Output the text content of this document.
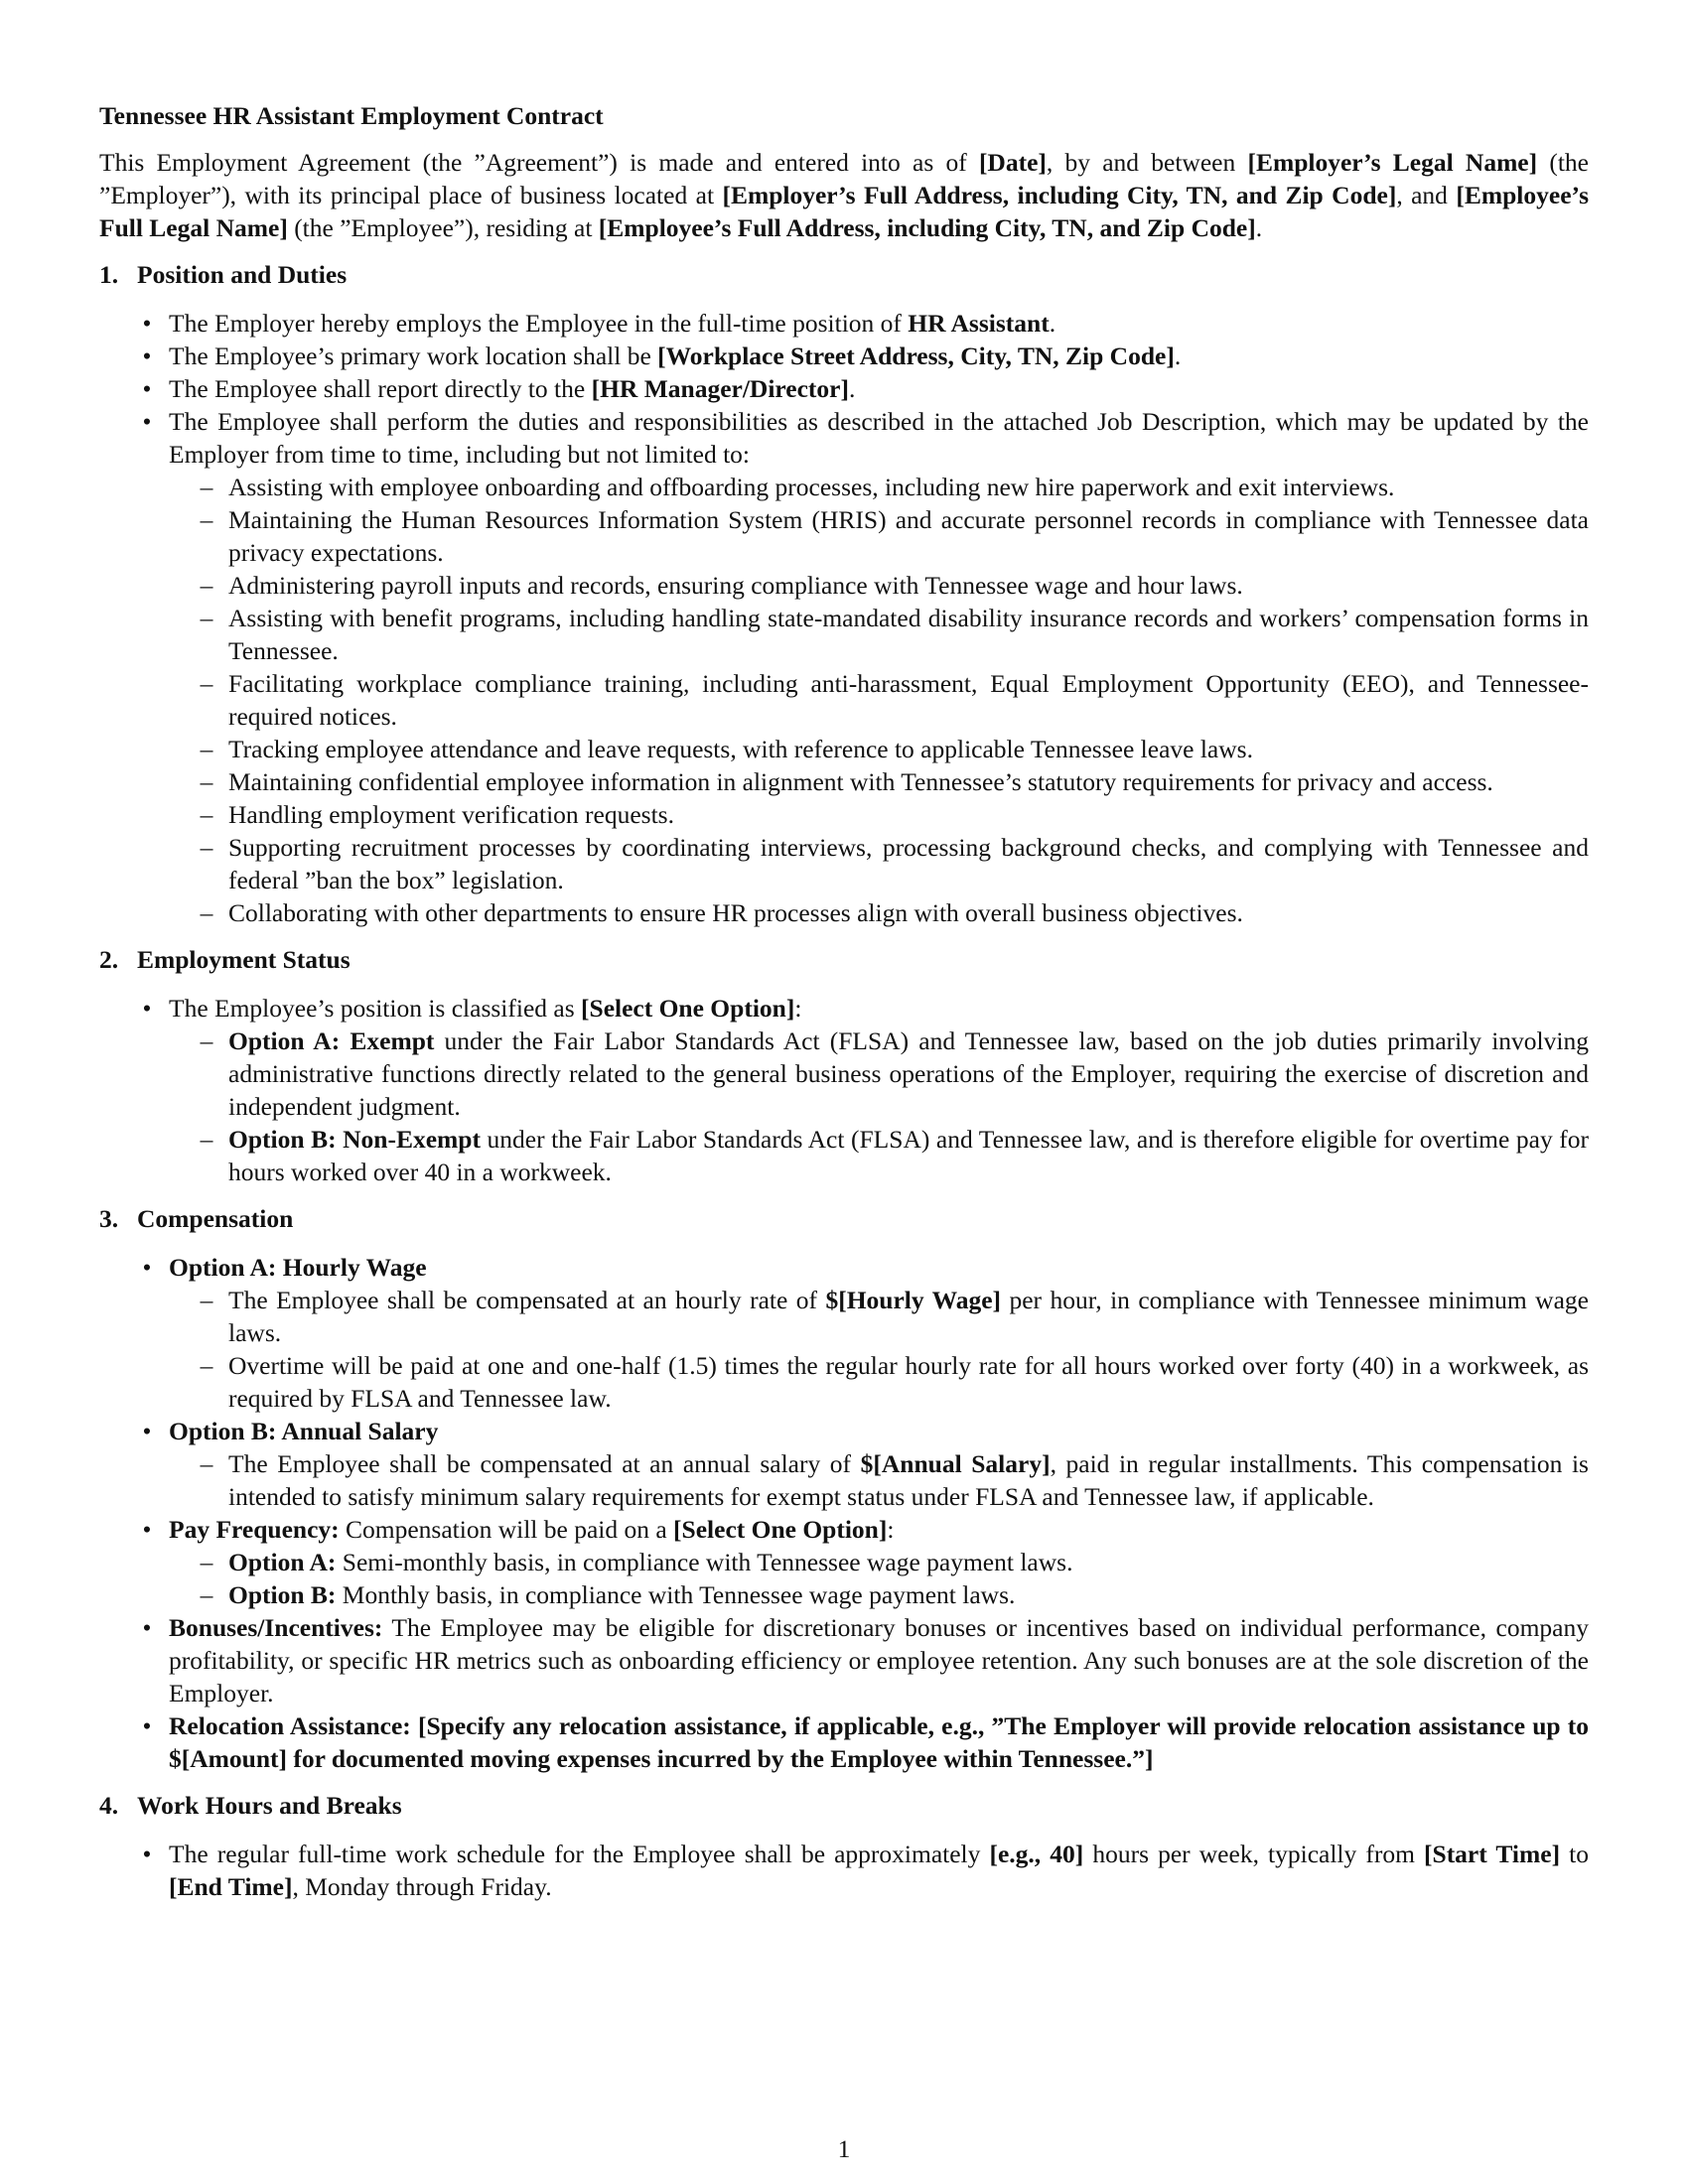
Tennessee HR Assistant Employment Contract

This Employment Agreement (the ”Agreement”) is made and entered into as of [Date], by and between [Employer’s Legal Name] (the ”Employer”), with its principal place of business located at [Employer’s Full Address, including City, TN, and Zip Code], and [Employee’s Full Legal Name] (the ”Employee”), residing at [Employee’s Full Address, including City, TN, and Zip Code].

1. Position and Duties
• The Employer hereby employs the Employee in the full-time position of HR Assistant.
• The Employee’s primary work location shall be [Workplace Street Address, City, TN, Zip Code].
• The Employee shall report directly to the [HR Manager/Director].
• The Employee shall perform the duties and responsibilities as described in the attached Job Description, which may be updated by the Employer from time to time, including but not limited to:
– Assisting with employee onboarding and offboarding processes, including new hire paperwork and exit interviews.
– Maintaining the Human Resources Information System (HRIS) and accurate personnel records in compliance with Tennessee data privacy expectations.
– Administering payroll inputs and records, ensuring compliance with Tennessee wage and hour laws.
– Assisting with benefit programs, including handling state-mandated disability insurance records and workers’ compensation forms in Tennessee.
– Facilitating workplace compliance training, including anti-harassment, Equal Employment Opportunity (EEO), and Tennessee-required notices.
– Tracking employee attendance and leave requests, with reference to applicable Tennessee leave laws.
– Maintaining confidential employee information in alignment with Tennessee’s statutory requirements for privacy and access.
– Handling employment verification requests.
– Supporting recruitment processes by coordinating interviews, processing background checks, and complying with Tennessee and federal ”ban the box” legislation.
– Collaborating with other departments to ensure HR processes align with overall business objectives.
2. Employment Status
• The Employee’s position is classified as [Select One Option]:
– Option A: Exempt under the Fair Labor Standards Act (FLSA) and Tennessee law, based on the job duties primarily involving administrative functions directly related to the general business operations of the Employer, requiring the exercise of discretion and independent judgment.
– Option B: Non-Exempt under the Fair Labor Standards Act (FLSA) and Tennessee law, and is therefore eligible for overtime pay for hours worked over 40 in a workweek.
3. Compensation
• Option A: Hourly Wage
– The Employee shall be compensated at an hourly rate of $[Hourly Wage] per hour, in compliance with Tennessee minimum wage laws.
– Overtime will be paid at one and one-half (1.5) times the regular hourly rate for all hours worked over forty (40) in a workweek, as required by FLSA and Tennessee law.
• Option B: Annual Salary
– The Employee shall be compensated at an annual salary of $[Annual Salary], paid in regular installments. This compensation is intended to satisfy minimum salary requirements for exempt status under FLSA and Tennessee law, if applicable.
• Pay Frequency: Compensation will be paid on a [Select One Option]:
– Option A: Semi-monthly basis, in compliance with Tennessee wage payment laws.
– Option B: Monthly basis, in compliance with Tennessee wage payment laws.
• Bonuses/Incentives: The Employee may be eligible for discretionary bonuses or incentives based on individual performance, company profitability, or specific HR metrics such as onboarding efficiency or employee retention. Any such bonuses are at the sole discretion of the Employer.
• Relocation Assistance: [Specify any relocation assistance, if applicable, e.g., ”The Employer will provide relocation assistance up to $[Amount] for documented moving expenses incurred by the Employee within Tennessee.”]
4. Work Hours and Breaks
• The regular full-time work schedule for the Employee shall be approximately [e.g., 40] hours per week, typically from [Start Time] to [End Time], Monday through Friday.
1
